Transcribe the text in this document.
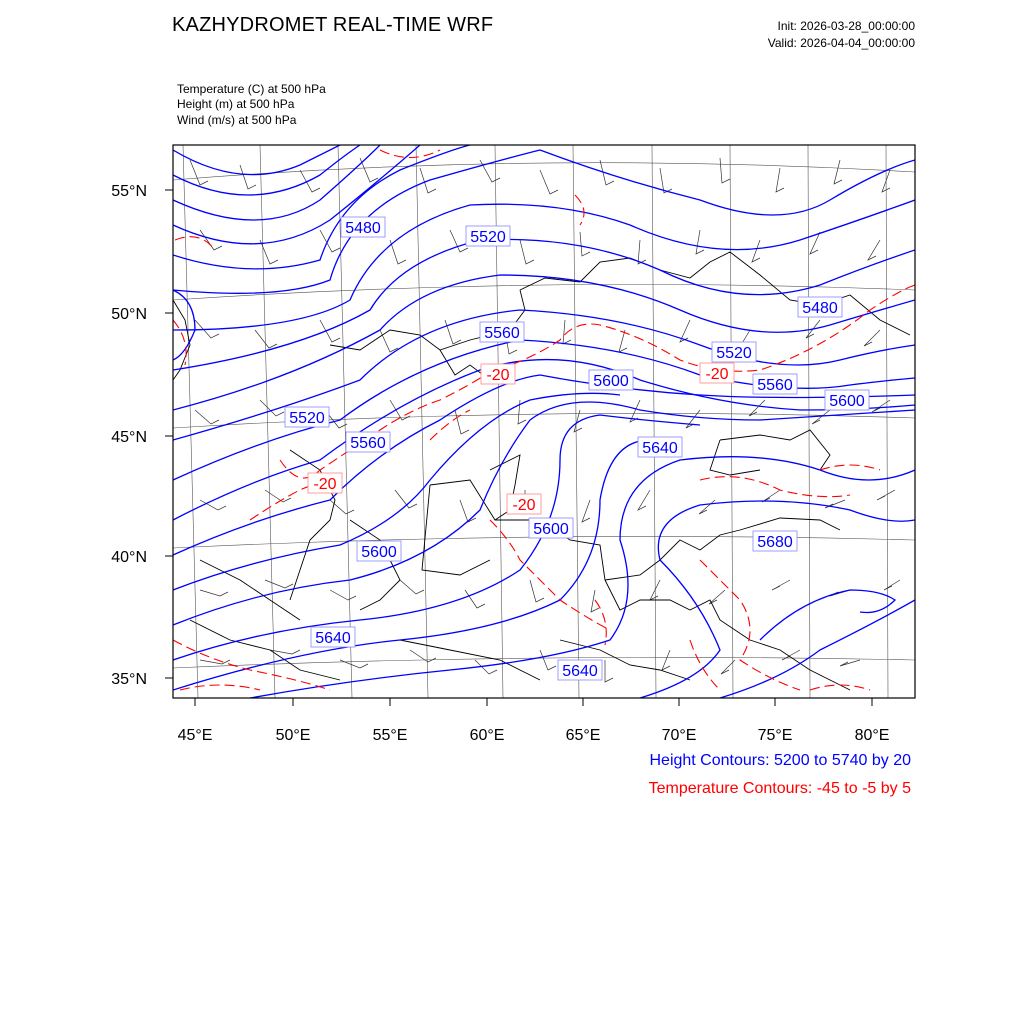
KAZHYDROMET REAL-TIME WRF	Init: 2026-03-28_00:00:00
Valid: 2026-04-04_00:00:00
Temperature (C) at 500 hPa
Height (m) at 500 hPa
Wind (m/s) at 500 hPa
55°N
50°N
45°N
40°N
35°N
45°E	50°E	55°E	60°E	65°E	70°E	75°E	80°E
5480
5520
5480
5560
5520
5560
5520
5600
5600
5640
5560
5600
5600
5680
5640
5640
-20	-20
-20
-20
Height Contours: 5200 to 5740 by 20
Temperature Contours: -45 to -5 by 5
